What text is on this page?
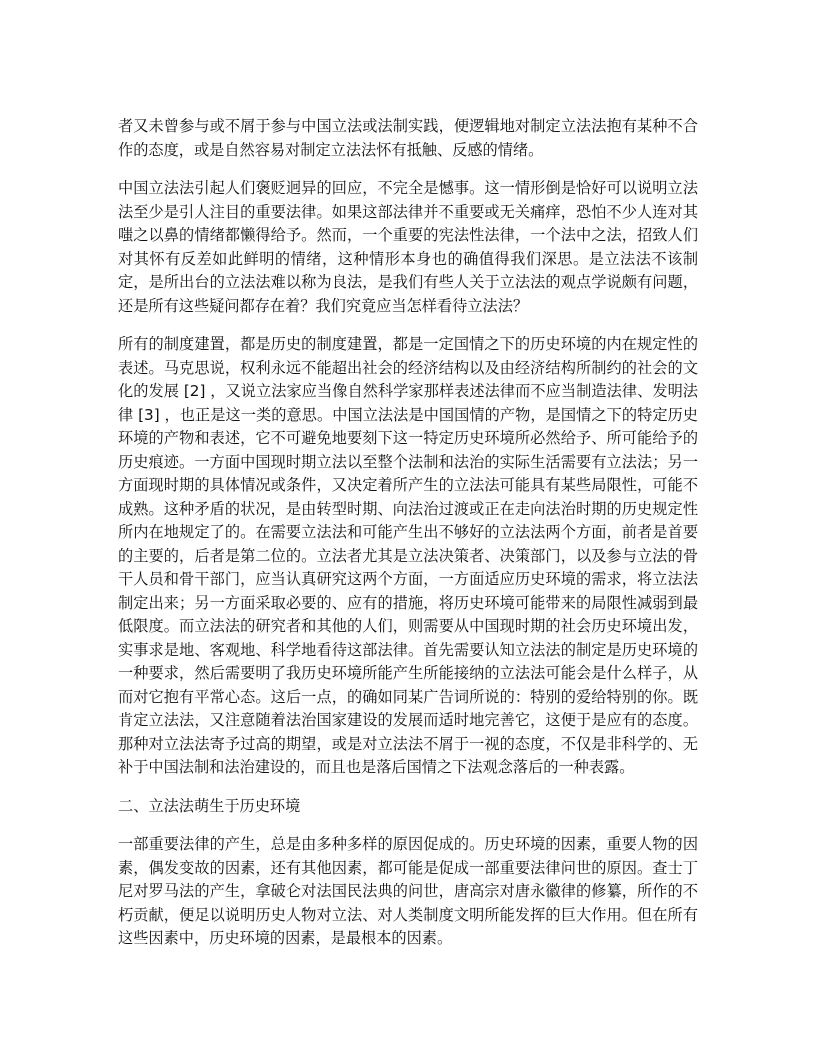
者又未曾参与或不屑于参与中国立法或法制实践，便逻辑地对制定立法法抱有某种不合作的态度，或是自然容易对制定立法法怀有抵触、反感的情绪。

中国立法法引起人们褒贬迥异的回应，不完全是憾事。这一情形倒是恰好可以说明立法法至少是引人注目的重要法律。如果这部法律并不重要或无关痛痒，恐怕不少人连对其嗤之以鼻的情绪都懒得给予。然而，一个重要的宪法性法律，一个法中之法，招致人们对其怀有反差如此鲜明的情绪，这种情形本身也的确值得我们深思。是立法法不该制定，是所出台的立法法难以称为良法，是我们有些人关于立法法的观点学说颇有问题，还是所有这些疑问都存在着？我们究竟应当怎样看待立法法？

所有的制度建置，都是历史的制度建置，都是一定国情之下的历史环境的内在规定性的表述。马克思说，权利永远不能超出社会的经济结构以及由经济结构所制约的社会的文化的发展 [2] ，又说立法家应当像自然科学家那样表述法律而不应当制造法律、发明法律 [3] ，也正是这一类的意思。中国立法法是中国国情的产物，是国情之下的特定历史环境的产物和表述，它不可避免地要刻下这一特定历史环境所必然给予、所可能给予的历史痕迹。一方面中国现时期立法以至整个法制和法治的实际生活需要有立法法；另一方面现时期的具体情况或条件，又决定着所产生的立法法可能具有某些局限性，可能不成熟。这种矛盾的状况，是由转型时期、向法治过渡或正在走向法治时期的历史规定性所内在地规定了的。在需要立法法和可能产生出不够好的立法法两个方面，前者是首要的主要的，后者是第二位的。立法者尤其是立法决策者、决策部门，以及参与立法的骨干人员和骨干部门，应当认真研究这两个方面，一方面适应历史环境的需求，将立法法制定出来；另一方面采取必要的、应有的措施，将历史环境可能带来的局限性减弱到最低限度。而立法法的研究者和其他的人们，则需要从中国现时期的社会历史环境出发，实事求是地、客观地、科学地看待这部法律。首先需要认知立法法的制定是历史环境的一种要求，然后需要明了我历史环境所能产生所能接纳的立法法可能会是什么样子，从而对它抱有平常心态。这后一点，的确如同某广告词所说的：特别的爱给特别的你。既肯定立法法，又注意随着法治国家建设的发展而适时地完善它，这便于是应有的态度。那种对立法法寄予过高的期望，或是对立法法不屑于一视的态度，不仅是非科学的、无补于中国法制和法治建设的，而且也是落后国情之下法观念落后的一种表露。

二、立法法萌生于历史环境

一部重要法律的产生，总是由多种多样的原因促成的。历史环境的因素，重要人物的因素，偶发变故的因素，还有其他因素，都可能是促成一部重要法律问世的原因。查士丁尼对罗马法的产生，拿破仑对法国民法典的问世，唐高宗对唐永徽律的修纂，所作的不朽贡献，便足以说明历史人物对立法、对人类制度文明所能发挥的巨大作用。但在所有这些因素中，历史环境的因素，是最根本的因素。
